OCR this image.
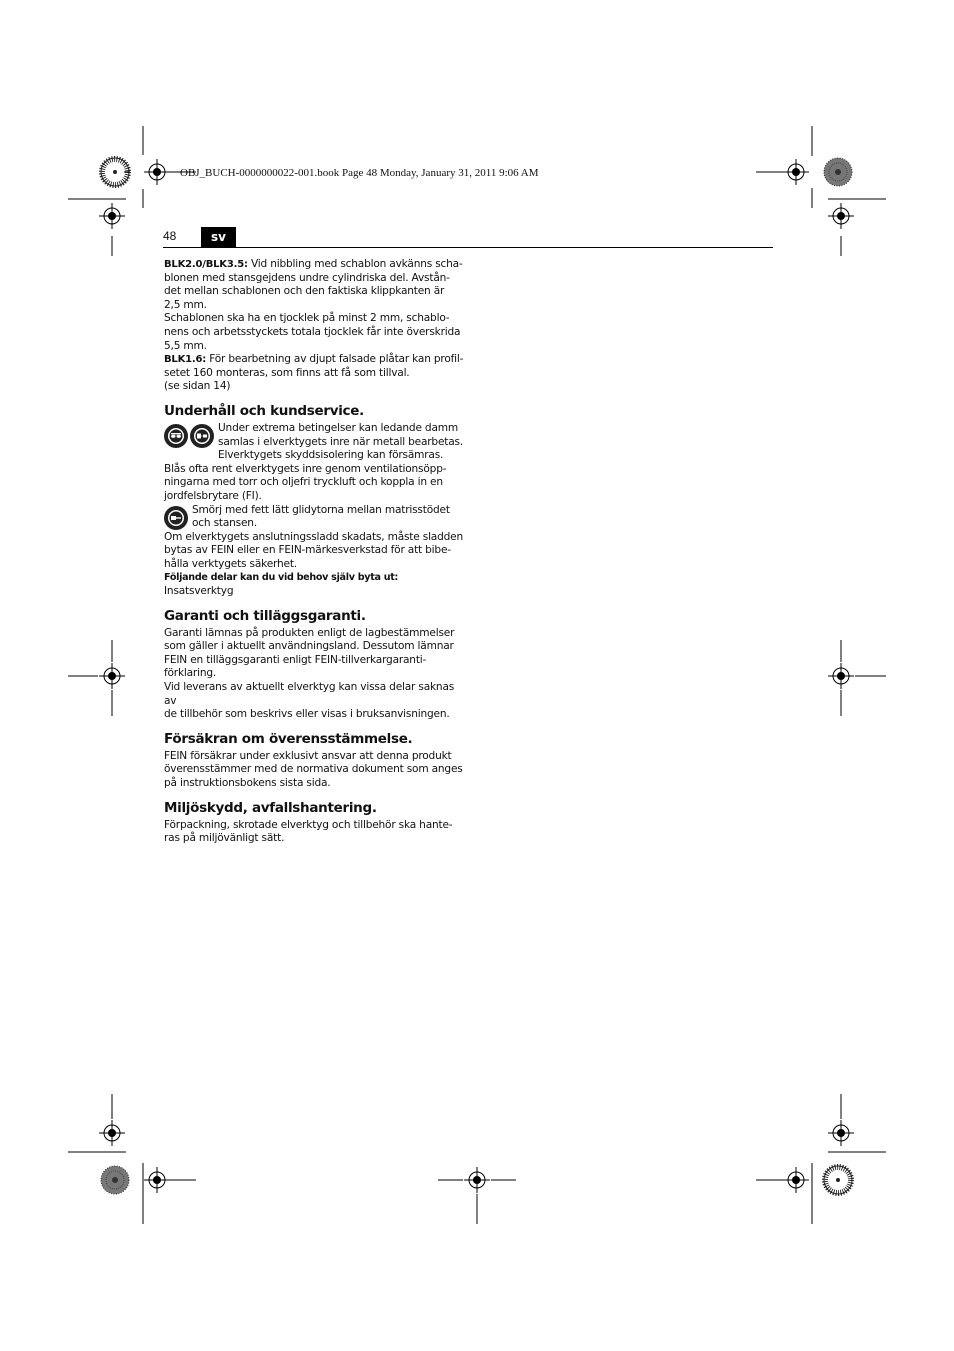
OBJ_BUCH-0000000022-001.book Page 48 Monday, January 31, 2011 9:06 AM
48	sv

BLK2.0/BLK3.5: Vid nibbling med schablon avkänns scha-
blonen med stansgejdens undre cylindriska del. Avstån-
det mellan schablonen och den faktiska klippkanten är
2,5 mm.

Schablonen ska ha en tjocklek på minst 2 mm, schablo-
nens och arbetsstyckets totala tjocklek får inte överskrida
5,5 mm.

BLK1.6: För bearbetning av djupt falsade plåtar kan profil-
setet 160 monteras, som finns att få som tillval.
(se sidan 14)

Underhåll och kundservice.

Under extrema betingelser kan ledande damm
samlas i elverktygets inre när metall bearbetas.
Elverktygets skyddsisolering kan försämras.

Blås ofta rent elverktygets inre genom ventilationsöpp-
ningarna med torr och oljefri tryckluft och koppla in en
jordfelsbrytare (FI).

Smörj med fett lätt glidytorna mellan matrisstödet
och stansen.

Om elverktygets anslutningssladd skadats, måste sladden
bytas av FEIN eller en FEIN-märkesverkstad för att bibe-
hålla verktygets säkerhet.

Följande delar kan du vid behov själv byta ut:

Insatsverktyg

Garanti och tilläggsgaranti.

Garanti lämnas på produkten enligt de lagbestämmelser
som gäller i aktuellt användningsland. Dessutom lämnar
FEIN en tilläggsgaranti enligt FEIN-tillverkargaranti-
förklaring.

Vid leverans av aktuellt elverktyg kan vissa delar saknas av
de tillbehör som beskrivs eller visas i bruksanvisningen.

Försäkran om överensstämmelse.

FEIN försäkrar under exklusivt ansvar att denna produkt
överensstämmer med de normativa dokument som anges
på instruktionsbokens sista sida.

Miljöskydd, avfallshantering.

Förpackning, skrotade elverktyg och tillbehör ska hante-
ras på miljövänligt sätt.
